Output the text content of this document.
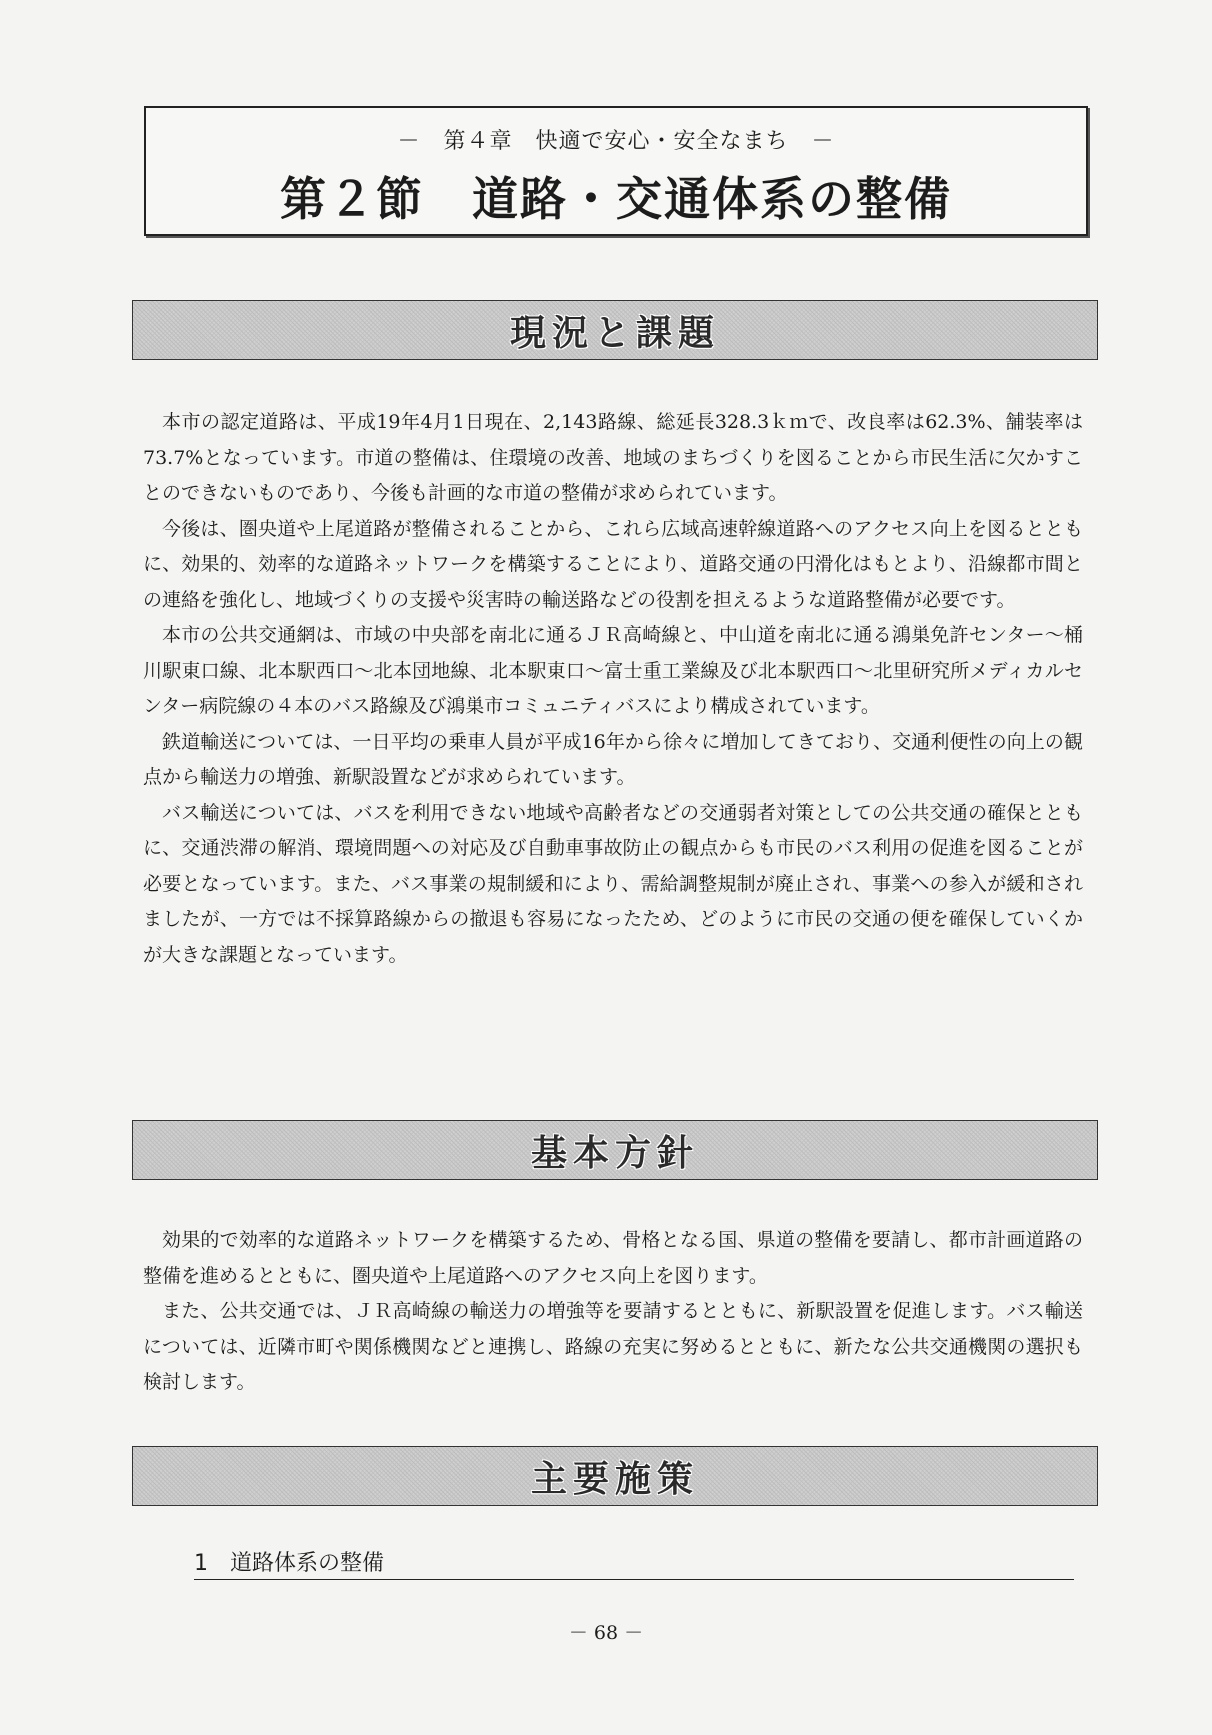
－　第４章　快適で安心・安全なまち　－
第２節　道路・交通体系の整備
現況と課題

本市の認定道路は、平成19年4月1日現在、2,143路線、総延長328.3ｋｍで、改良率は62.3%、舗装率は73.7%となっています。市道の整備は、住環境の改善、地域のまちづくりを図ることから市民生活に欠かすことのできないものであり、今後も計画的な市道の整備が求められています。

今後は、圏央道や上尾道路が整備されることから、これら広域高速幹線道路へのアクセス向上を図るとともに、効果的、効率的な道路ネットワークを構築することにより、道路交通の円滑化はもとより、沿線都市間との連絡を強化し、地域づくりの支援や災害時の輸送路などの役割を担えるような道路整備が必要です。

本市の公共交通網は、市域の中央部を南北に通るＪＲ高崎線と、中山道を南北に通る鴻巣免許センター～桶川駅東口線、北本駅西口～北本団地線、北本駅東口～富士重工業線及び北本駅西口～北里研究所メディカルセンター病院線の４本のバス路線及び鴻巣市コミュニティバスにより構成されています。

鉄道輸送については、一日平均の乗車人員が平成16年から徐々に増加してきており、交通利便性の向上の観点から輸送力の増強、新駅設置などが求められています。

バス輸送については、バスを利用できない地域や高齢者などの交通弱者対策としての公共交通の確保とともに、交通渋滞の解消、環境問題への対応及び自動車事故防止の観点からも市民のバス利用の促進を図ることが必要となっています。また、バス事業の規制緩和により、需給調整規制が廃止され、事業への参入が緩和されましたが、一方では不採算路線からの撤退も容易になったため、どのように市民の交通の便を確保していくかが大きな課題となっています。

基本方針

効果的で効率的な道路ネットワークを構築するため、骨格となる国、県道の整備を要請し、都市計画道路の整備を進めるとともに、圏央道や上尾道路へのアクセス向上を図ります。

また、公共交通では、ＪＲ高崎線の輸送力の増強等を要請するとともに、新駅設置を促進します。バス輸送については、近隣市町や関係機関などと連携し、路線の充実に努めるとともに、新たな公共交通機関の選択も検討します。

主要施策
1　道路体系の整備
－ 68 －
